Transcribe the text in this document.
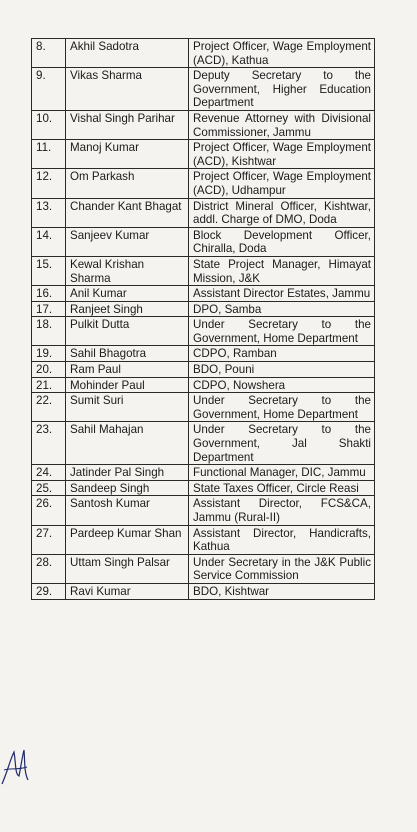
8.	Akhil Sadotra	Project Officer, Wage Employment (ACD), Kathua
9.	Vikas Sharma	Deputy Secretary to the Government, Higher Education Department
10.	Vishal Singh Parihar	Revenue Attorney with Divisional Commissioner, Jammu
11.	Manoj Kumar	Project Officer, Wage Employment (ACD), Kishtwar
12.	Om Parkash	Project Officer, Wage Employment (ACD), Udhampur
13.	Chander Kant Bhagat	District Mineral Officer, Kishtwar, addl. Charge of DMO, Doda
14.	Sanjeev Kumar	Block Development Officer, Chiralla, Doda
15.	Kewal Krishan Sharma	State Project Manager, Himayat Mission, J&K
16.	Anil Kumar	Assistant Director Estates, Jammu
17.	Ranjeet Singh	DPO, Samba
18.	Pulkit Dutta	Under Secretary to the Government, Home Department
19.	Sahil Bhagotra	CDPO, Ramban
20.	Ram Paul	BDO, Pouni
21.	Mohinder Paul	CDPO, Nowshera
22.	Sumit Suri	Under Secretary to the Government, Home Department
23.	Sahil Mahajan	Under Secretary to the Government, Jal Shakti Department
24.	Jatinder Pal Singh	Functional Manager, DIC, Jammu
25.	Sandeep Singh	State Taxes Officer, Circle Reasi
26.	Santosh Kumar	Assistant Director, FCS&CA, Jammu (Rural-II)
27.	Pardeep Kumar Shan	Assistant Director, Handicrafts, Kathua
28.	Uttam Singh Palsar	Under Secretary in the J&K Public Service Commission
29.	Ravi Kumar	BDO, Kishtwar
